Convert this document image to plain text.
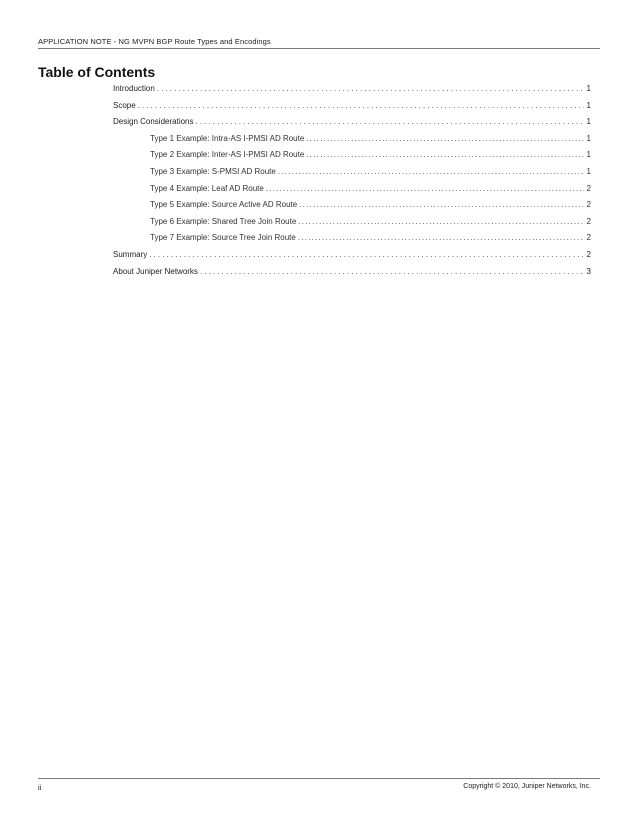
APPLICATION NOTE - NG MVPN BGP Route Types and Encodings
Table of Contents
Introduction .....	1
Scope .....	1
Design Considerations .....	1
Type 1 Example: Intra-AS I-PMSI AD Route . . .	1
Type 2 Example: Inter-AS I-PMSI AD Route . . .	1
Type 3 Example: S-PMSI AD Route . . .	1
Type 4 Example: Leaf AD Route . . .	2
Type 5 Example: Source Active AD Route . . .	2
Type 6 Example: Shared Tree Join Route . . .	2
Type 7 Example: Source Tree Join Route . . .	2
Summary .....	2
About Juniper Networks .....	3
ii	Copyright © 2010, Juniper Networks, Inc.
